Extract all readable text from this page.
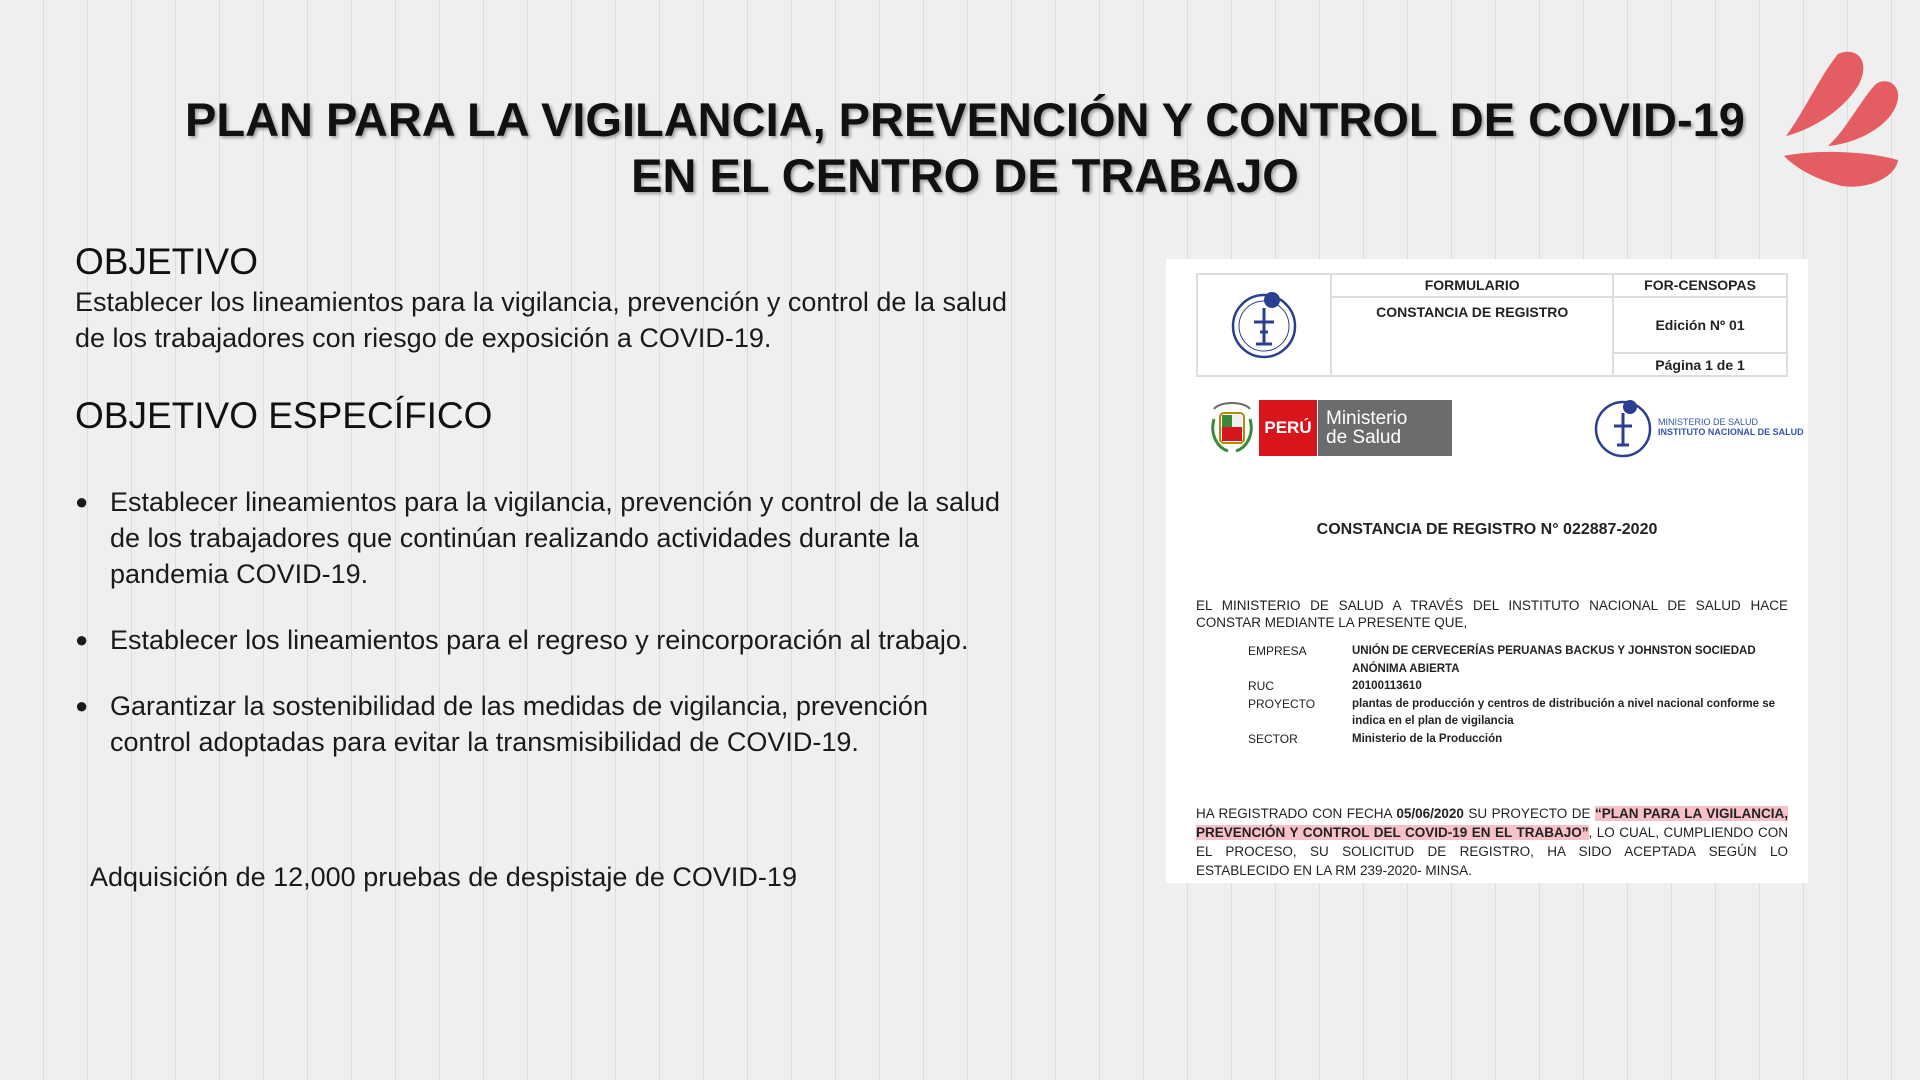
PLAN PARA LA VIGILANCIA, PREVENCIÓN Y CONTROL DE COVID-19
EN EL CENTRO DE TRABAJO
OBJETIVO
Establecer los lineamientos para la vigilancia, prevención y control de la salud de los trabajadores con riesgo de exposición a COVID-19.
OBJETIVO ESPECÍFICO
● Establecer lineamientos para la vigilancia, prevención y control de la salud de los trabajadores que continúan realizando actividades durante la pandemia COVID-19.
● Establecer los lineamientos para el regreso y reincorporación al trabajo.
● Garantizar la sostenibilidad de las medidas de vigilancia, prevención control adoptadas para evitar la transmisibilidad de COVID-19.
Adquisición de 12,000 pruebas de despistaje de COVID-19
	FORMULARIO	FOR-CENSOPAS
	CONSTANCIA DE REGISTRO	Edición Nº 01
		Página 1 de 1
PERÚ Ministerio
de Salud
MINISTERIO DE SALUD
INSTITUTO NACIONAL DE SALUD
CONSTANCIA DE REGISTRO N° 022887-2020
EL MINISTERIO DE SALUD A TRAVÉS DEL INSTITUTO NACIONAL DE SALUD HACE CONSTAR MEDIANTE LA PRESENTE QUE,
EMPRESA	UNIÓN DE CERVECERÍAS PERUANAS BACKUS Y JOHNSTON SOCIEDAD ANÓNIMA ABIERTA
RUC	20100113610
PROYECTO	plantas de producción y centros de distribución a nivel nacional conforme se indica en el plan de vigilancia
SECTOR	Ministerio de la Producción
HA REGISTRADO CON FECHA 05/06/2020 SU PROYECTO DE “PLAN PARA LA VIGILANCIA, PREVENCIÓN Y CONTROL DEL COVID-19 EN EL TRABAJO”, LO CUAL, CUMPLIENDO CON EL PROCESO, SU SOLICITUD DE REGISTRO, HA SIDO ACEPTADA SEGÚN LO ESTABLECIDO EN LA RM 239-2020- MINSA.
